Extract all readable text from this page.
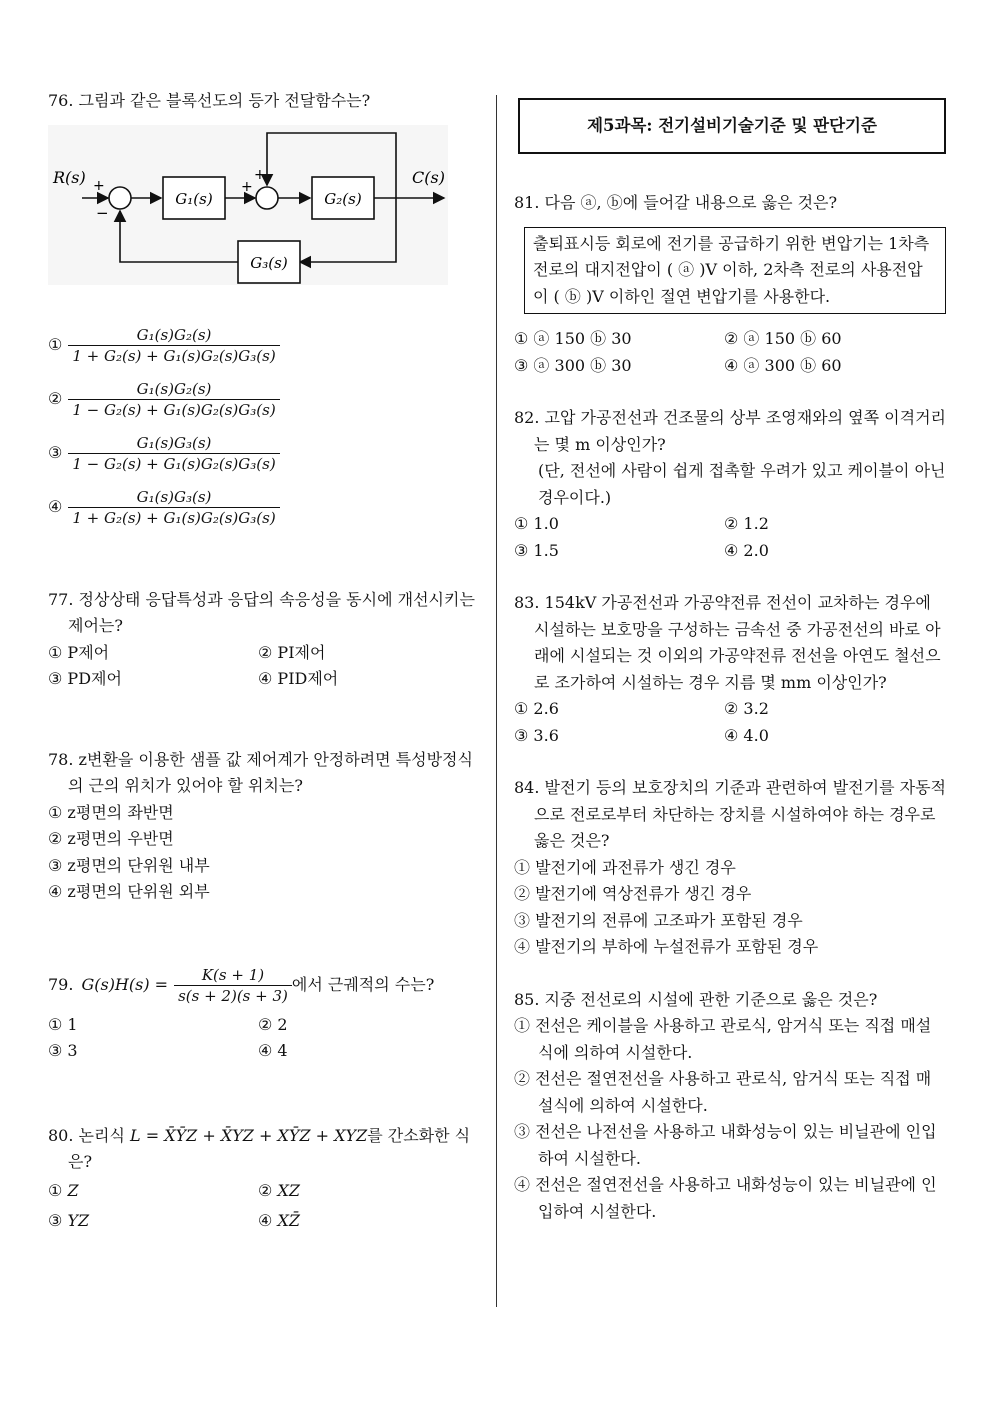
76. 그림과 같은 블록선도의 등가 전달함수는?
R(s) +
−
G₁(s)
+
+
G₂(s)
C(s)
G₃(s)
① $\frac{\text{G₁(s)G₂(s)}}{\text{1 + G₂(s) + G₁(s)G₂(s)G₃(s)}}$
② $\frac{\text{G₁(s)G₂(s)}}{\text{1 − G₂(s) + G₁(s)G₂(s)G₃(s)}}$
③ $\frac{\text{G₁(s)G₃(s)}}{\text{1 − G₂(s) + G₁(s)G₂(s)G₃(s)}}$
④ $\frac{\text{G₁(s)G₃(s)}}{\text{1 + G₂(s) + G₁(s)G₂(s)G₃(s)}}$
77. 정상상태 응답특성과 응답의 속응성을 동시에 개선시키는 제어는?
① P제어	② PI제어
③ PD제어	④ PID제어
78. z변환을 이용한 샘플 값 제어계가 안정하려면 특성방정식의 근의 위치가 있어야 할 위치는?
① z평면의 좌반면
② z평면의 우반면
③ z평면의 단위원 내부
④ z평면의 단위원 외부
79. $G(s)H(s) = \frac{K(s + 1)}{s(s + 2)(s + 3)}$ 에서 근궤적의 수는?
① 1	② 2
③ 3	④ 4
80. 논리식 L = X̄ȲZ + X̄YZ + XȲZ + XYZ를 간소화한 식은?
① Z	② XZ
③ YZ	④ XZ̄
제5과목: 전기설비기술기준 및 판단기준
81. 다음 ⓐ, ⓑ에 들어갈 내용으로 옳은 것은?
출퇴표시등 회로에 전기를 공급하기 위한 변압기는 1차측 전로의 대지전압이 ( ⓐ )V 이하, 2차측 전로의 사용전압이 ( ⓑ )V 이하인 절연 변압기를 사용한다.
① ⓐ 150 ⓑ 30	② ⓐ 150 ⓑ 60
③ ⓐ 300 ⓑ 30	④ ⓐ 300 ⓑ 60
82. 고압 가공전선과 건조물의 상부 조영재와의 옆쪽 이격거리는 몇 m 이상인가?
(단, 전선에 사람이 쉽게 접촉할 우려가 있고 케이블이 아닌 경우이다.)
① 1.0	② 1.2
③ 1.5	④ 2.0
83. 154kV 가공전선과 가공약전류 전선이 교차하는 경우에 시설하는 보호망을 구성하는 금속선 중 가공전선의 바로 아래에 시설되는 것 이외의 가공약전류 전선을 아연도 철선으로 조가하여 시설하는 경우 지름 몇 mm 이상인가?
① 2.6	② 3.2
③ 3.6	④ 4.0
84. 발전기 등의 보호장치의 기준과 관련하여 발전기를 자동적으로 전로로부터 차단하는 장치를 시설하여야 하는 경우로 옳은 것은?
① 발전기에 과전류가 생긴 경우
② 발전기에 역상전류가 생긴 경우
③ 발전기의 전류에 고조파가 포함된 경우
④ 발전기의 부하에 누설전류가 포함된 경우
85. 지중 전선로의 시설에 관한 기준으로 옳은 것은?
① 전선은 케이블을 사용하고 관로식, 암거식 또는 직접 매설식에 의하여 시설한다.
② 전선은 절연전선을 사용하고 관로식, 암거식 또는 직접 매설식에 의하여 시설한다.
③ 전선은 나전선을 사용하고 내화성능이 있는 비닐관에 인입하여 시설한다.
④ 전선은 절연전선을 사용하고 내화성능이 있는 비닐관에 인입하여 시설한다.
